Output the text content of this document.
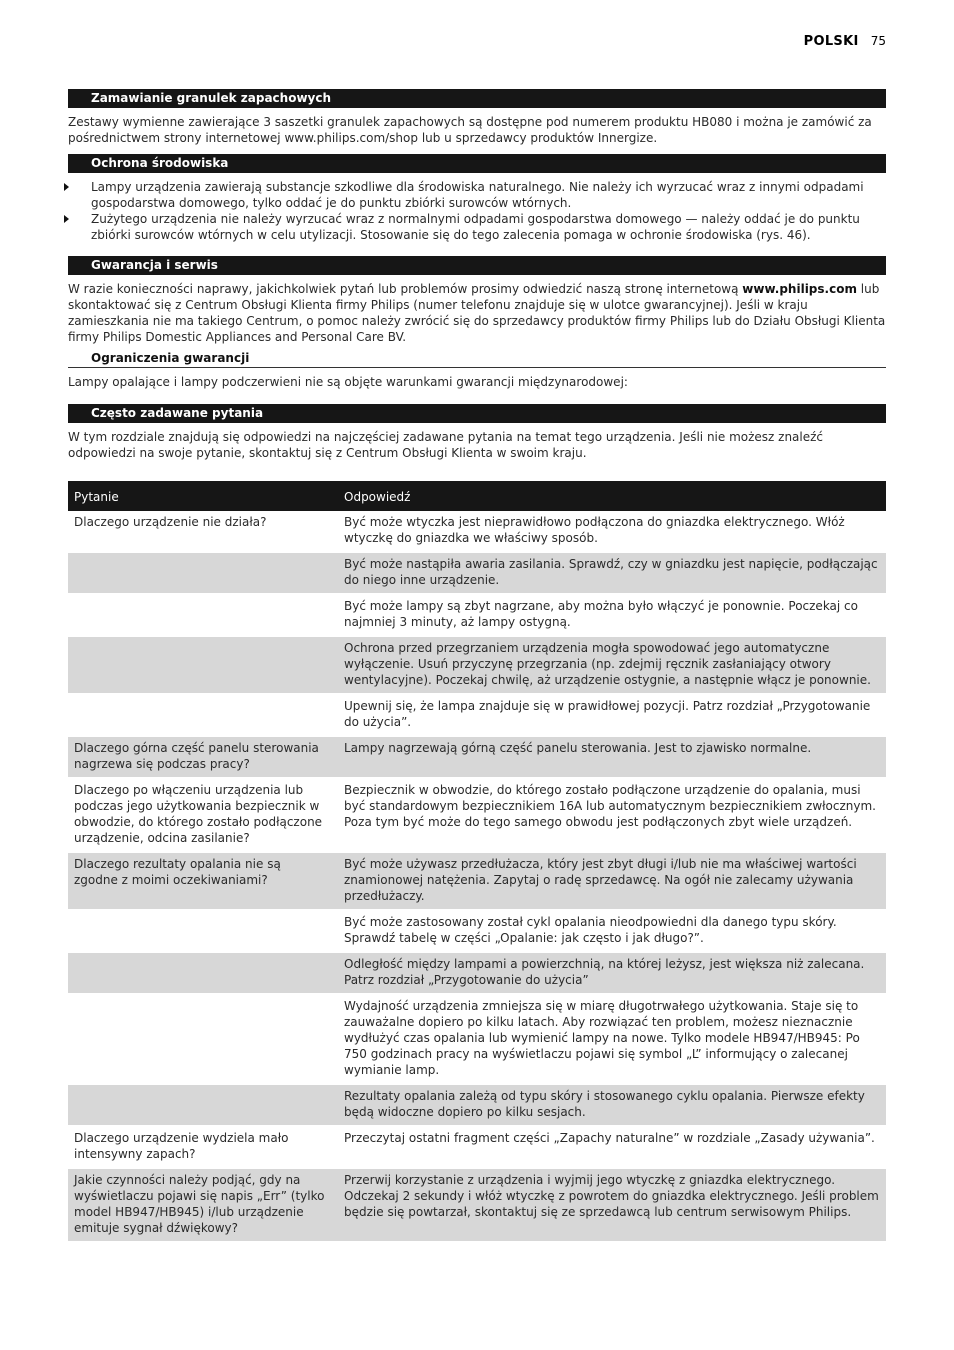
POLSKI 75
Zamawianie granulek zapachowych

Zestawy wymienne zawierające 3 saszetki granulek zapachowych są dostępne pod numerem produktu HB080 i można je zamówić za pośrednictwem strony internetowej www.philips.com/shop lub u sprzedawcy produktów Innergize.

Ochrona środowiska
Lampy urządzenia zawierają substancje szkodliwe dla środowiska naturalnego. Nie należy ich wyrzucać wraz z innymi odpadami gospodarstwa domowego, tylko oddać je do punktu zbiórki surowców wtórnych.
Zużytego urządzenia nie należy wyrzucać wraz z normalnymi odpadami gospodarstwa domowego — należy oddać je do punktu zbiórki surowców wtórnych w celu utylizacji. Stosowanie się do tego zalecenia pomaga w ochronie środowiska (rys. 46).
Gwarancja i serwis

W razie konieczności naprawy, jakichkolwiek pytań lub problemów prosimy odwiedzić naszą stronę internetową www.philips.com lub skontaktować się z Centrum Obsługi Klienta firmy Philips (numer telefonu znajduje się w ulotce gwarancyjnej). Jeśli w kraju zamieszkania nie ma takiego Centrum, o pomoc należy zwrócić się do sprzedawcy produktów firmy Philips lub do Działu Obsługi Klienta firmy Philips Domestic Appliances and Personal Care BV.

Ograniczenia gwarancji

Lampy opalające i lampy podczerwieni nie są objęte warunkami gwarancji międzynarodowej:

Często zadawane pytania

W tym rozdziale znajdują się odpowiedzi na najczęściej zadawane pytania na temat tego urządzenia. Jeśli nie możesz znaleźć odpowiedzi na swoje pytanie, skontaktuj się z Centrum Obsługi Klienta w swoim kraju.

Pytanie	Odpowiedź
Dlaczego urządzenie nie działa?	Być może wtyczka jest nieprawidłowo podłączona do gniazdka elektrycznego. Włóż wtyczkę do gniazdka we właściwy sposób.
	Być może nastąpiła awaria zasilania. Sprawdź, czy w gniazdku jest napięcie, podłączając do niego inne urządzenie.
	Być może lampy są zbyt nagrzane, aby można było włączyć je ponownie. Poczekaj co najmniej 3 minuty, aż lampy ostygną.
	Ochrona przed przegrzaniem urządzenia mogła spowodować jego automatyczne wyłączenie. Usuń przyczynę przegrzania (np. zdejmij ręcznik zasłaniający otwory wentylacyjne). Poczekaj chwilę, aż urządzenie ostygnie, a następnie włącz je ponownie.
	Upewnij się, że lampa znajduje się w prawidłowej pozycji. Patrz rozdział „Przygotowanie do użycia”.
Dlaczego górna część panelu sterowania nagrzewa się podczas pracy?	Lampy nagrzewają górną część panelu sterowania. Jest to zjawisko normalne.
Dlaczego po włączeniu urządzenia lub podczas jego użytkowania bezpiecznik w obwodzie, do którego zostało podłączone urządzenie, odcina zasilanie?	Bezpiecznik w obwodzie, do którego zostało podłączone urządzenie do opalania, musi być standardowym bezpiecznikiem 16A lub automatycznym bezpiecznikiem zwłocznym. Poza tym być może do tego samego obwodu jest podłączonych zbyt wiele urządzeń.
Dlaczego rezultaty opalania nie są zgodne z moimi oczekiwaniami?	Być może używasz przedłużacza, który jest zbyt długi i/lub nie ma właściwej wartości znamionowej natężenia. Zapytaj o radę sprzedawcę. Na ogół nie zalecamy używania przedłużaczy.
	Być może zastosowany został cykl opalania nieodpowiedni dla danego typu skóry. Sprawdź tabelę w części „Opalanie: jak często i jak długo?”.
	Odległość między lampami a powierzchnią, na której leżysz, jest większa niż zalecana. Patrz rozdział „Przygotowanie do użycia”
	Wydajność urządzenia zmniejsza się w miarę długotrwałego użytkowania. Staje się to zauważalne dopiero po kilku latach. Aby rozwiązać ten problem, możesz nieznacznie wydłużyć czas opalania lub wymienić lampy na nowe. Tylko modele HB947/HB945: Po 750 godzinach pracy na wyświetlaczu pojawi się symbol „L” informujący o zalecanej wymianie lamp.
	Rezultaty opalania zależą od typu skóry i stosowanego cyklu opalania. Pierwsze efekty będą widoczne dopiero po kilku sesjach.
Dlaczego urządzenie wydziela mało intensywny zapach?	Przeczytaj ostatni fragment części „Zapachy naturalne” w rozdziale „Zasady używania”.
Jakie czynności należy podjąć, gdy na wyświetlaczu pojawi się napis „Err” (tylko model HB947/HB945) i/lub urządzenie emituje sygnał dźwiękowy?	Przerwij korzystanie z urządzenia i wyjmij jego wtyczkę z gniazdka elektrycznego. Odczekaj 2 sekundy i włóż wtyczkę z powrotem do gniazdka elektrycznego. Jeśli problem będzie się powtarzał, skontaktuj się ze sprzedawcą lub centrum serwisowym Philips.
